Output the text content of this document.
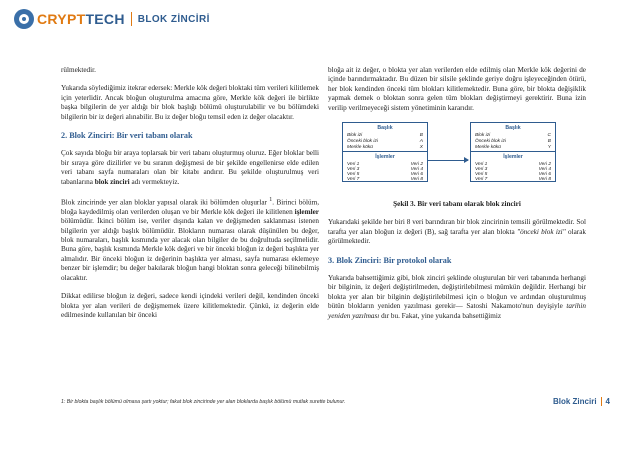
CRYPTTECH BLOK ZİNCİRİ

rülmektedir.

Yukarıda söylediğimiz itekrar edersek: Merkle kök değeri bloktaki tüm verileri kilitlemek için yeterlidir. Ancak bloğun oluşturulma amacına göre, Merkle kök değeri ile birlikte başka bilgilerin de yer aldığı bir blok başlığı bölümü oluşturulabilir ve bu bölümdeki bilgilerin bir iz değeri alınabilir. Bu iz değer bloğu temsil eden iz değer olacaktır.

2. Blok Zinciri: Bir veri tabanı olarak

Çok sayıda bloğu bir araya toplarsak bir veri tabanı oluşturmuş oluruz. Eğer bloklar belli bir sıraya göre dizilirler ve bu sıranın değişmesi de bir şekilde engellenirse elde edilen veri tabanı sayfa numaraları olan bir kitabı andırır. Bu şekilde oluşturulmuş veri tabanlarına blok zinciri adı vermekteyiz.

Blok zincirinde yer alan bloklar yapısal olarak iki bölümden oluşurlar $^1$. Birinci bölüm, bloğa kaydedilmiş olan verilerden oluşan ve bir Merkle kök değeri ile kilitlenen işlemler bölümüdür. İkinci bölüm ise, veriler dışında kalan ve değişmeden saklanması istenen bilgilerin yer aldığı başlık bölümüdür. Blokların numarası olarak düşünülen bu değer, blok numaraları, başlık kısmında yer alacak olan bilgiler de bu doğrultuda seçilmelidir. Buna göre, başlık kısmında Merkle kök değeri ve bir önceki bloğun iz değeri başlıkta yer almalıdır. Bir önceki bloğun iz değerinin başlıkta yer alması, sayfa numarası eklemeye benzer bir işlemdir; bu değer bakılarak bloğun hangi bloktan sonra geleceği bilinebilmiş olacaktır.

Dikkat edilirse bloğun iz değeri, sadece kendi içindeki verileri değil, kendinden önceki blokta yer alan verileri de değişmemek üzere kilitlemektedir. Çünkü, iz değerin elde edilmesinde kullanılan bir önceki

bloğa ait iz değer, o blokta yer alan verilerden elde edilmiş olan Merkle kök değerini de içinde barındırmaktadır. Bu düzen bir silsile şeklinde geriye doğru işleyeceğinden ötürü, her blok kendinden önceki tüm blokları kilitlemektedir. Buna göre, bir blokta değişiklik yapmak demek o bloktan sonra gelen tüm blokları değiştirmeyi gerektirir. Buna izin verilip verilmeyeceği sistem yönetiminin kararıdır.

Başlık
Blok izi	B
Önceki blok izi	A
Merkle kökü	X
İşlemler
Veri 1	Veri 2
Veri 3	Veri 4
Veri 5	Veri 6
Veri 7	Veri 8
Başlık
Blok izi	C
Önceki blok izi	B
Merkle kökü	Y
İşlemler
Veri 1	Veri 2
Veri 3	Veri 4
Veri 5	Veri 6
Veri 7	Veri 8
Şekil 3. Bir veri tabanı olarak blok zinciri

Yukarıdaki şekilde her biri 8 veri barındıran bir blok zincirinin temsili görülmektedir. Sol tarafta yer alan bloğun iz değeri (B), sağ tarafta yer alan blokta "önceki blok izi" olarak görülmektedir.

3. Blok Zinciri: Bir protokol olarak

Yukarıda bahsettiğimiz gibi, blok zinciri şeklinde oluşturulan bir veri tabanında herhangi bir bilginin, iz değeri değiştirilmeden, değiştirilebilmesi mümkün değildir. Herhangi bir blokta yer alan bir bilginin değiştirilebilmesi için o bloğun ve ardından oluşturulmuş bütün blokların yeniden yazılması gerekir— Satoshi Nakamoto'nun deyişiyle tarihin yeniden yazılması dır bu. Fakat, yine yukarıda bahsettiğimiz

1: Bir blokta başlık bölümü olmasa şartı yoktur; fakat blok zincirinde yer alan bloklarda başlık bölümü mutlak surette bulunur.	Blok Zinciri 4
